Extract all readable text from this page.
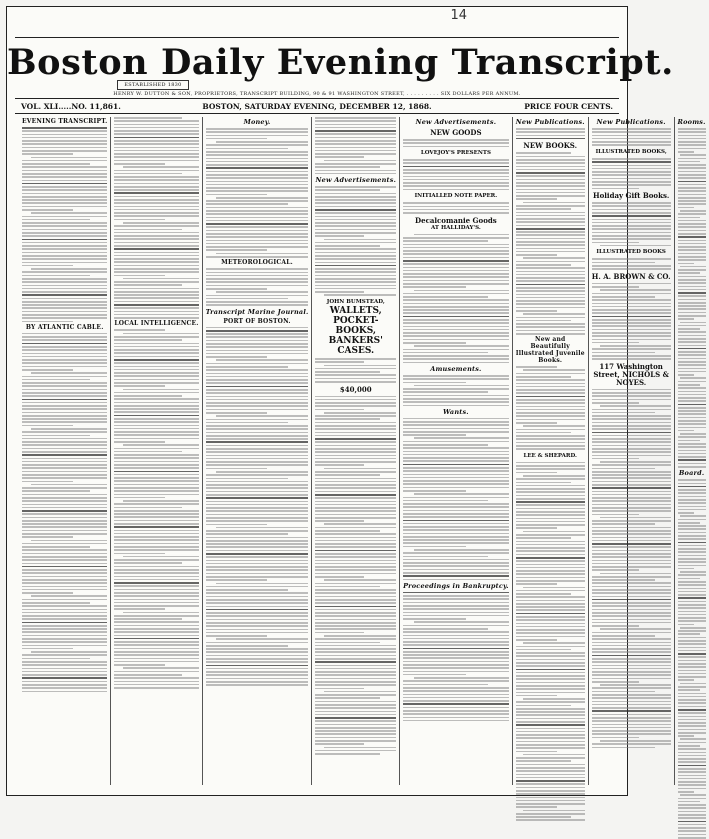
14
Boston Daily Evening Transcript.
ESTABLISHED 1830
HENRY W. DUTTON & SON, PROPRIETORS, TRANSCRIPT BUILDING, 90 & 91 WASHINGTON STREET, . . . . . . . . . SIX DOLLARS PER ANNUM.
VOL. XLI.....NO. 11,861.	BOSTON, SATURDAY EVENING, DECEMBER 12, 1868.	PRICE FOUR CENTS.
EVENING TRANSCRIPT.
BY ATLANTIC CABLE.	LOCAL INTELLIGENCE.
Money.
METEOROLOGICAL.
Transcript Marine Journal.
PORT OF BOSTON.
New Advertisements.
JOHN BUMSTEAD,
WALLETS, POCKET-BOOKS, BANKERS' CASES.
$40,000
New Advertisements.
NEW GOODS
LOVEJOY'S PRESENTS
INITIALLED NOTE PAPER.
Decalcomanie Goods
AT HALLIDAY'S.
Amusements.
Wants.
Proceedings in Bankruptcy.
New Publications.
NEW BOOKS.
New and Beautifully Illustrated Juvenile Books.
LEE & SHEPARD.
New Publications.
ILLUSTRATED BOOKS,
Holiday Gift Books.
ILLUSTRATED BOOKS
H. A. BROWN & CO.
117 Washington Street, NICHOLS & NOYES.
Rooms.
Board.
